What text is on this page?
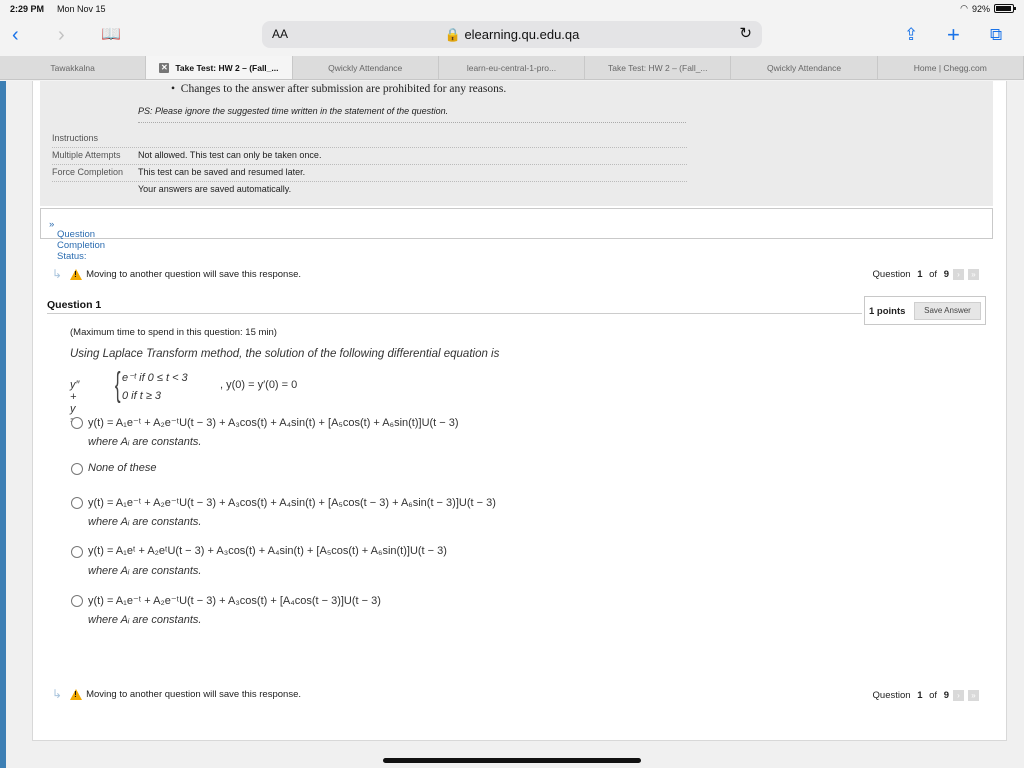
2:29 PM Mon Nov 15	◠ 92%
‹ › 📖	AA	🔒 elearning.qu.edu.qa	↻	⇪ + ⧉
Tawakkalna	✕ Take Test: HW 2 – (Fall_...	Qwickly Attendance	learn-eu-central-1-pro...	Take Test: HW 2 – (Fall_...	Qwickly Attendance	Home | Chegg.com
•  Changes to the answer after submission are prohibited for any reasons.
PS: Please ignore the suggested time written in the statement of the question.
Instructions
Multiple Attempts Not allowed. This test can only be taken once.
Force Completion This test can be saved and resumed later.
Your answers are saved automatically.
»
Question Completion Status:
↳ !	Moving to another question will save this response.	Question
1
of
9	›	»
Question 1
1 points	Save Answer
(Maximum time to spend in this question: 15 min)
Using Laplace Transform method, the solution of the following differential equation is
y″ + y
{ e⁻ᵗ if 0 ≤ t < 3
0 if t ≥ 3
, y(0) = y′(0) = 0
y(t) = A₁e⁻ᵗ + A₂e⁻ᵗU(t − 3) + A₃cos(t) + A₄sin(t) + [A₅cos(t) + A₆sin(t)]U(t − 3)
where Aᵢ are constants.
None of these
y(t) = A₁e⁻ᵗ + A₂e⁻ᵗU(t − 3) + A₃cos(t) + A₄sin(t) + [A₅cos(t − 3) + A₆sin(t − 3)]U(t − 3)
where Aᵢ are constants.
y(t) = A₁eᵗ + A₂eᵗU(t − 3) + A₃cos(t) + A₄sin(t) + [A₅cos(t) + A₆sin(t)]U(t − 3)
where Aᵢ are constants.
y(t) = A₁e⁻ᵗ + A₂e⁻ᵗU(t − 3) + A₃cos(t) + [A₄cos(t − 3)]U(t − 3)
where Aᵢ are constants.
↳ !	Moving to another question will save this response.	Question
1
of
9	›	»
